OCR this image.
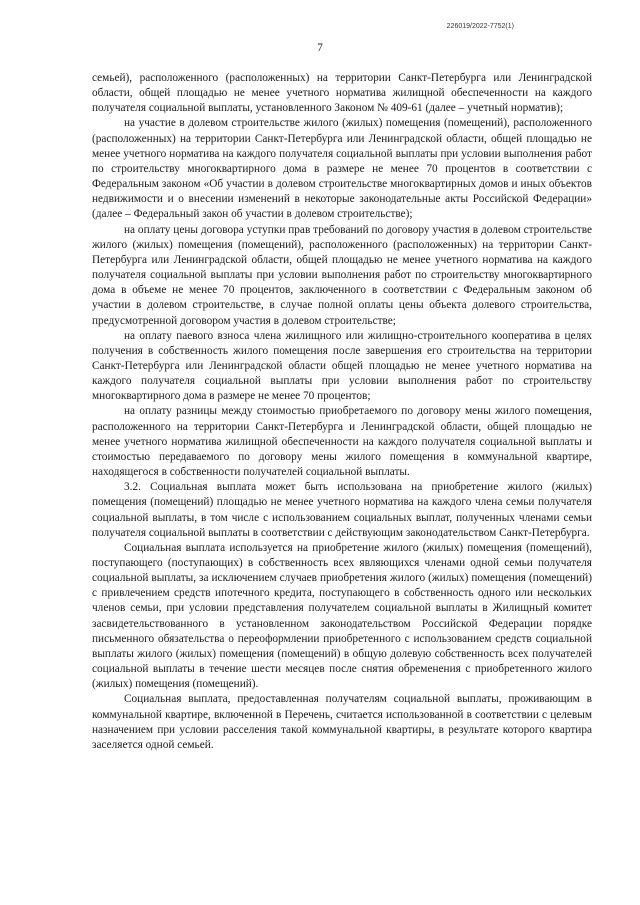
226019/2022-7752(1)
7

семьей), расположенного (расположенных) на территории Санкт-Петербурга или Ленинградской области, общей площадью не менее учетного норматива жилищной обеспеченности на каждого получателя социальной выплаты, установленного Законом № 409-61 (далее – учетный норматив);

на участие в долевом строительстве жилого (жилых) помещения (помещений), расположенного (расположенных) на территории Санкт-Петербурга или Ленинградской области, общей площадью не менее учетного норматива на каждого получателя социальной выплаты при условии выполнения работ по строительству многоквартирного дома в размере не менее 70 процентов в соответствии с Федеральным законом «Об участии в долевом строительстве многоквартирных домов и иных объектов недвижимости и о внесении изменений в некоторые законодательные акты Российской Федерации» (далее – Федеральный закон об участии в долевом строительстве);

на оплату цены договора уступки прав требований по договору участия в долевом строительстве жилого (жилых) помещения (помещений), расположенного (расположенных) на территории Санкт-Петербурга или Ленинградской области, общей площадью не менее учетного норматива на каждого получателя социальной выплаты при условии выполнения работ по строительству многоквартирного дома в объеме не менее 70 процентов, заключенного в соответствии с Федеральным законом об участии в долевом строительстве, в случае полной оплаты цены объекта долевого строительства, предусмотренной договором участия в долевом строительстве;

на оплату паевого взноса члена жилищного или жилищно-строительного кооператива в целях получения в собственность жилого помещения после завершения его строительства на территории Санкт-Петербурга или Ленинградской области общей площадью не менее учетного норматива на каждого получателя социальной выплаты при условии выполнения работ по строительству многоквартирного дома в размере не менее 70 процентов;

на оплату разницы между стоимостью приобретаемого по договору мены жилого помещения, расположенного на территории Санкт-Петербурга и Ленинградской области, общей площадью не менее учетного норматива жилищной обеспеченности на каждого получателя социальной выплаты и стоимостью передаваемого по договору мены жилого помещения в коммунальной квартире, находящегося в собственности получателей социальной выплаты.

3.2. Социальная выплата может быть использована на приобретение жилого (жилых) помещения (помещений) площадью не менее учетного норматива на каждого члена семьи получателя социальной выплаты, в том числе с использованием социальных выплат, полученных членами семьи получателя социальной выплаты в соответствии с действующим законодательством Санкт-Петербурга.

Социальная выплата используется на приобретение жилого (жилых) помещения (помещений), поступающего (поступающих) в собственность всех являющихся членами одной семьи получателя социальной выплаты, за исключением случаев приобретения жилого (жилых) помещения (помещений) с привлечением средств ипотечного кредита, поступающего в собственность одного или нескольких членов семьи, при условии представления получателем социальной выплаты в Жилищный комитет засвидетельствованного в установленном законодательством Российской Федерации порядке письменного обязательства о переоформлении приобретенного с использованием средств социальной выплаты жилого (жилых) помещения (помещений) в общую долевую собственность всех получателей социальной выплаты в течение шести месяцев после снятия обременения с приобретенного жилого (жилых) помещения (помещений).

Социальная выплата, предоставленная получателям социальной выплаты, проживающим в коммунальной квартире, включенной в Перечень, считается использованной в соответствии с целевым назначением при условии расселения такой коммунальной квартиры, в результате которого квартира заселяется одной семьей.
